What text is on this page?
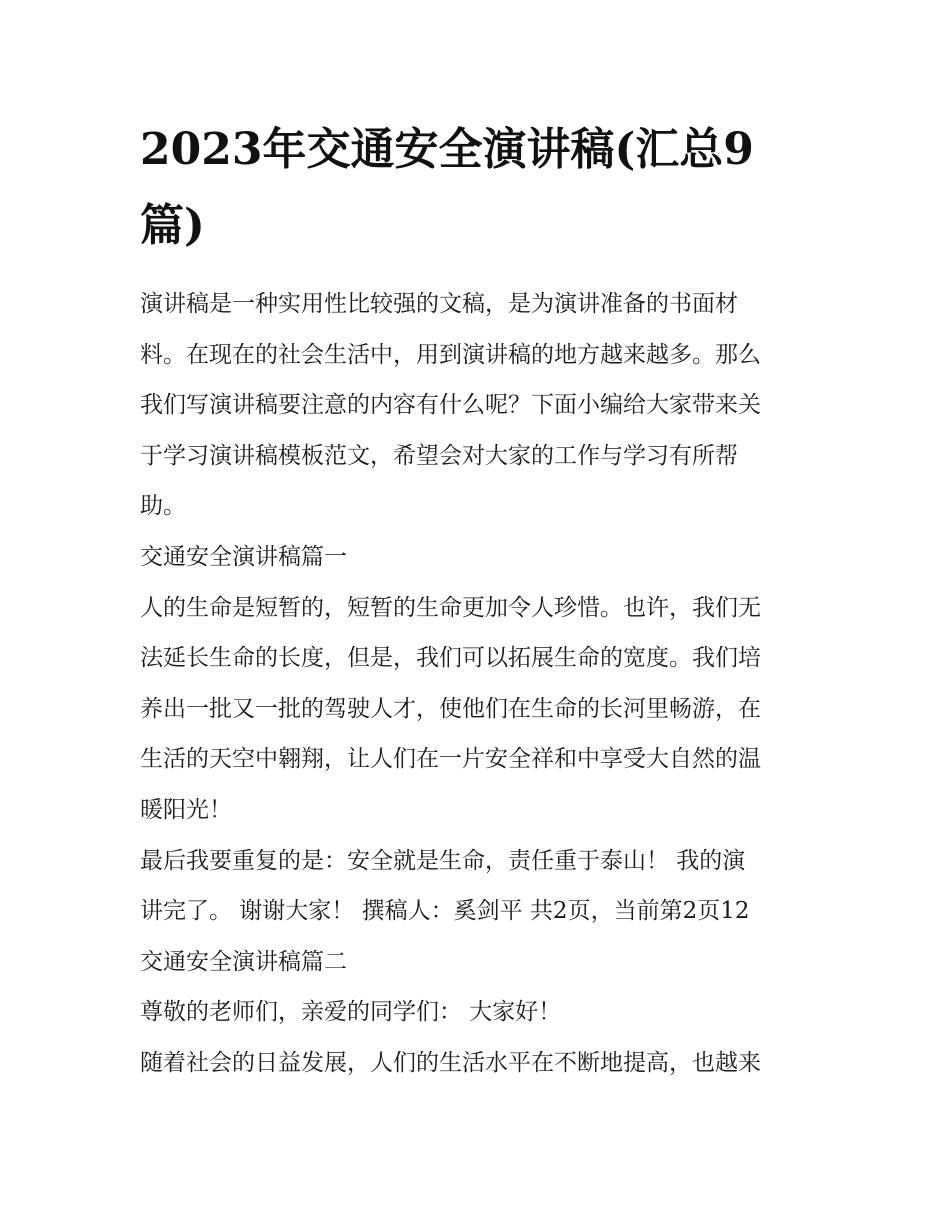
2023年交通安全演讲稿(汇总9
篇)

演讲稿是一种实用性比较强的文稿，是为演讲准备的书面材
料。在现在的社会生活中，用到演讲稿的地方越来越多。那么
我们写演讲稿要注意的内容有什么呢？下面小编给大家带来关
于学习演讲稿模板范文，希望会对大家的工作与学习有所帮
助。

交通安全演讲稿篇一

人的生命是短暂的，短暂的生命更加令人珍惜。也许，我们无
法延长生命的长度，但是，我们可以拓展生命的宽度。我们培
养出一批又一批的驾驶人才，使他们在生命的长河里畅游，在
生活的天空中翱翔，让人们在一片安全祥和中享受大自然的温
暖阳光！

最后我要重复的是：安全就是生命，责任重于泰山！ 我的演
讲完了。 谢谢大家！ 撰稿人：奚剑平 共2页，当前第2页12

交通安全演讲稿篇二

尊敬的老师们，亲爱的同学们： 大家好！

随着社会的日益发展，人们的生活水平在不断地提高，也越来
